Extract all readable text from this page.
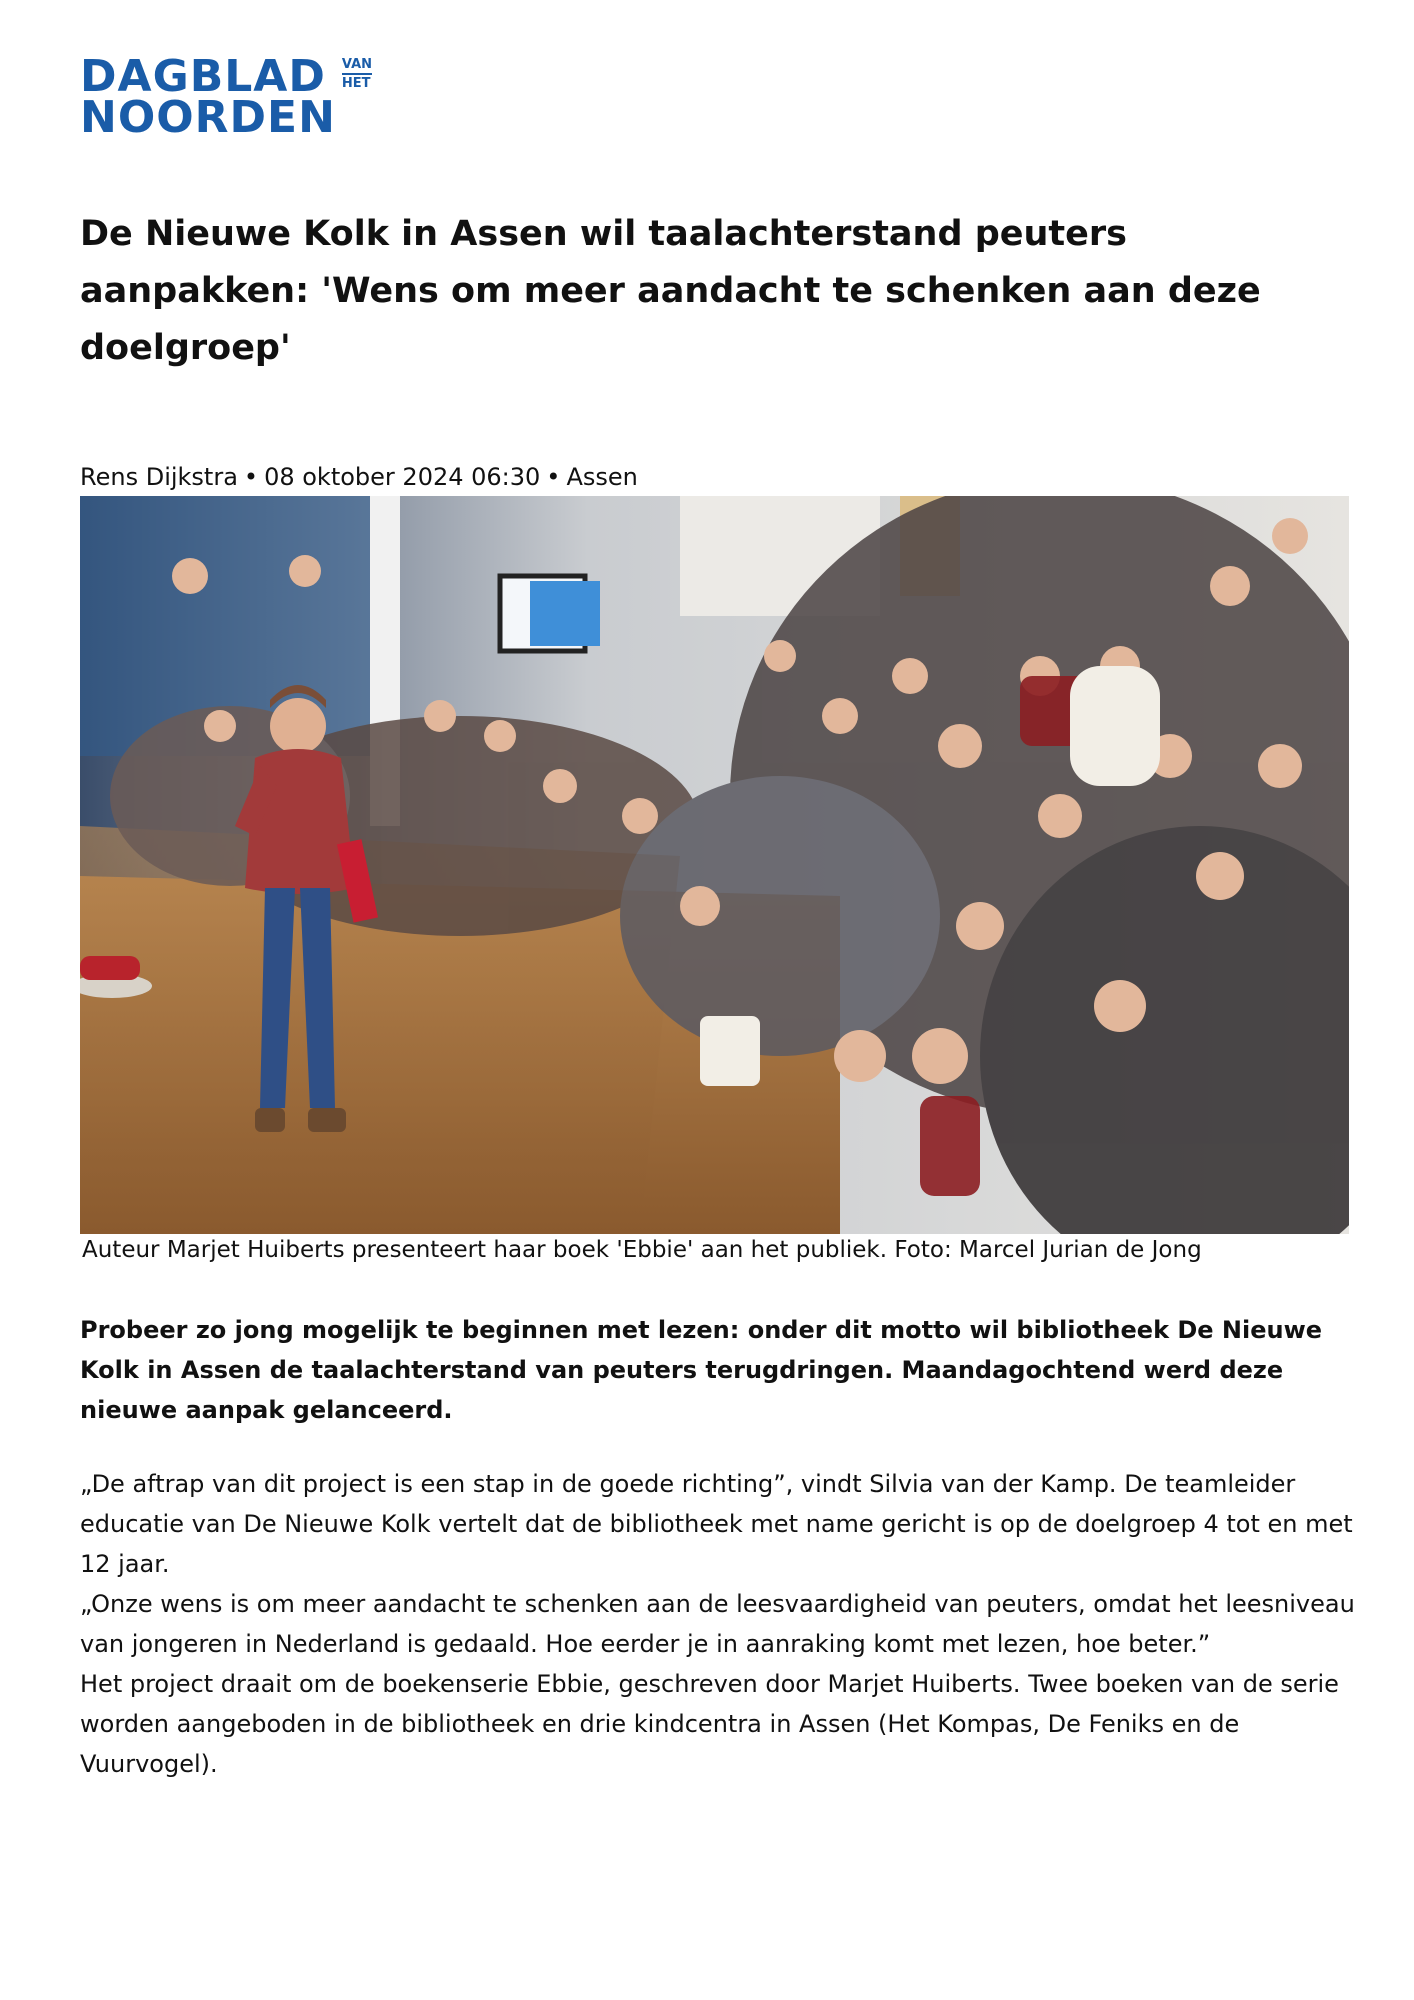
DAGBLAD
NOORDEN
VAN
HET
De Nieuwe Kolk in Assen wil taalachterstand peuters aanpakken: 'Wens om meer aandacht te schenken aan deze doelgroep'
Rens Dijkstra • 08 oktober 2024 06:30 • Assen
Auteur Marjet Huiberts presenteert haar boek 'Ebbie' aan het publiek. Foto: Marcel Jurian de Jong

Probeer zo jong mogelijk te beginnen met lezen: onder dit motto wil bibliotheek De Nieuwe Kolk in Assen de taalachterstand van peuters terugdringen. Maandagochtend werd deze nieuwe aanpak gelanceerd.

„De aftrap van dit project is een stap in de goede richting”, vindt Silvia van der Kamp. De teamleider educatie van De Nieuwe Kolk vertelt dat de bibliotheek met name gericht is op de doelgroep 4 tot en met 12 jaar.

„Onze wens is om meer aandacht te schenken aan de leesvaardigheid van peuters, omdat het leesniveau van jongeren in Nederland is gedaald. Hoe eerder je in aanraking komt met lezen, hoe beter.”

Het project draait om de boekenserie Ebbie, geschreven door Marjet Huiberts. Twee boeken van de serie worden aangeboden in de bibliotheek en drie kindcentra in Assen (Het Kompas, De Feniks en de Vuurvogel).
